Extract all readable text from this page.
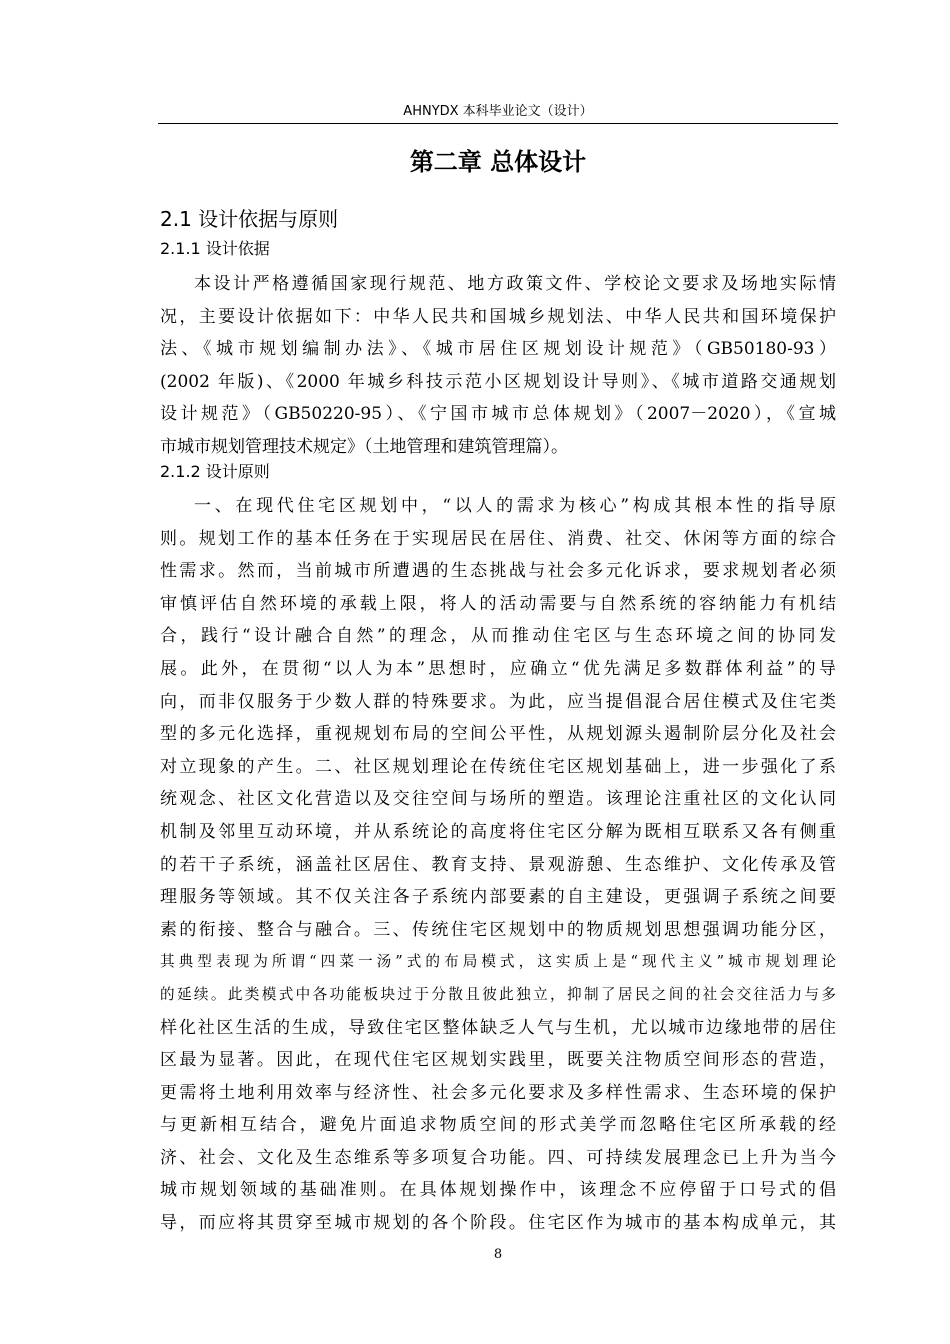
AHNYDX 本科毕业论文（设计）
第二章 总体设计
2.1 设计依据与原则
2.1.1 设计依据
本设计严格遵循国家现行规范、地方政策文件、学校论文要求及场地实际情
况，主要设计依据如下：中华人民共和国城乡规划法、中华人民共和国环境保护
法、《城市规划编制办法》、《城市居住区规划设计规范》（GB50180-93）
(2002 年版)、《2000 年城乡科技示范小区规划设计导则》、《城市道路交通规划
设计规范》（GB50220-95）、《宁国市城市总体规划》（2007－2020），《宣城
市城市规划管理技术规定》（土地管理和建筑管理篇）。
2.1.2 设计原则
一、在现代住宅区规划中，“以人的需求为核心”构成其根本性的指导原
则。规划工作的基本任务在于实现居民在居住、消费、社交、休闲等方面的综合
性需求。然而，当前城市所遭遇的生态挑战与社会多元化诉求，要求规划者必须
审慎评估自然环境的承载上限，将人的活动需要与自然系统的容纳能力有机结
合，践行“设计融合自然”的理念，从而推动住宅区与生态环境之间的协同发
展。此外，在贯彻“以人为本”思想时，应确立“优先满足多数群体利益”的导
向，而非仅服务于少数人群的特殊要求。为此，应当提倡混合居住模式及住宅类
型的多元化选择，重视规划布局的空间公平性，从规划源头遏制阶层分化及社会
对立现象的产生。二、社区规划理论在传统住宅区规划基础上，进一步强化了系
统观念、社区文化营造以及交往空间与场所的塑造。该理论注重社区的文化认同
机制及邻里互动环境，并从系统论的高度将住宅区分解为既相互联系又各有侧重
的若干子系统，涵盖社区居住、教育支持、景观游憩、生态维护、文化传承及管
理服务等领域。其不仅关注各子系统内部要素的自主建设，更强调子系统之间要
素的衔接、整合与融合。三、传统住宅区规划中的物质规划思想强调功能分区，
其典型表现为所谓“四菜一汤”式的布局模式，这实质上是“现代主义”城市规划理论
的延续。此类模式中各功能板块过于分散且彼此独立，抑制了居民之间的社会交往活力与多
样化社区生活的生成，导致住宅区整体缺乏人气与生机，尤以城市边缘地带的居住
区最为显著。因此，在现代住宅区规划实践里，既要关注物质空间形态的营造，
更需将土地利用效率与经济性、社会多元化要求及多样性需求、生态环境的保护
与更新相互结合，避免片面追求物质空间的形式美学而忽略住宅区所承载的经
济、社会、文化及生态维系等多项复合功能。四、可持续发展理念已上升为当今
城市规划领域的基础准则。在具体规划操作中，该理念不应停留于口号式的倡
导，而应将其贯穿至城市规划的各个阶段。住宅区作为城市的基本构成单元，其
8
